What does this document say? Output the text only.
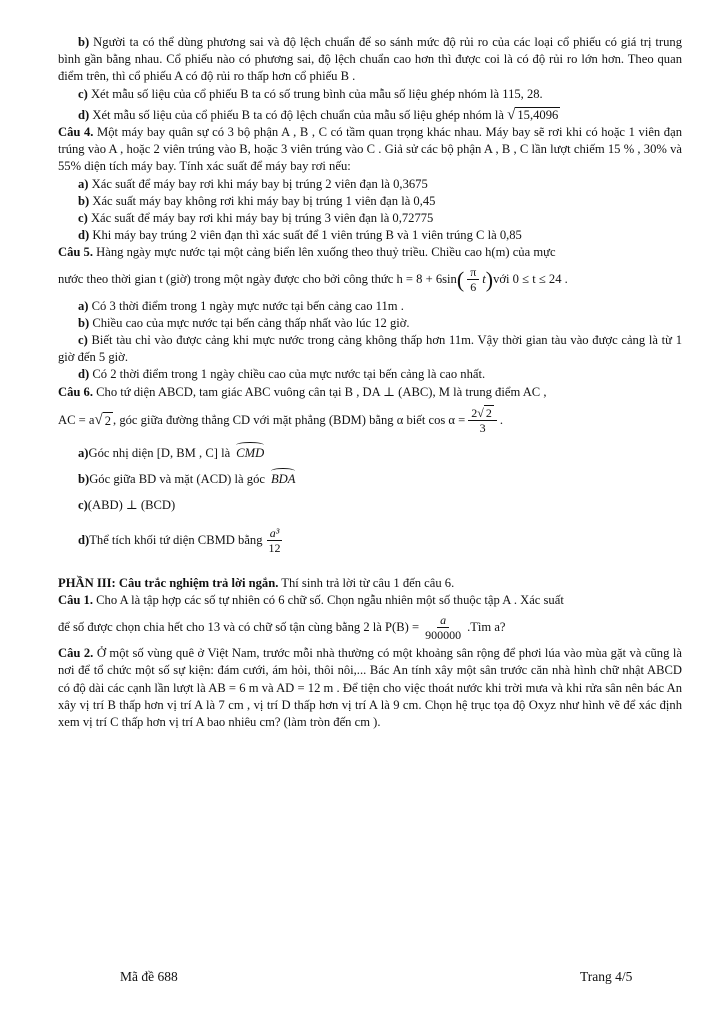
b) Người ta có thể dùng phương sai và độ lệch chuẩn để so sánh mức độ rủi ro của các loại cổ phiếu có giá trị trung bình gần bằng nhau. Cổ phiếu nào có phương sai, độ lệch chuẩn cao hơn thì được coi là có độ rủi ro lớn hơn. Theo quan điểm trên, thì cổ phiếu A có độ rủi ro thấp hơn cổ phiếu B .

c) Xét mẫu số liệu của cổ phiếu B ta có số trung bình của mẫu số liệu ghép nhóm là 115, 28.

d) Xét mẫu số liệu của cổ phiếu B ta có độ lệch chuẩn của mẫu số liệu ghép nhóm là √ 15,4096

Câu 4. Một máy bay quân sự có 3 bộ phận A , B , C có tầm quan trọng khác nhau. Máy bay sẽ rơi khi có hoặc 1 viên đạn trúng vào A , hoặc 2 viên trúng vào B, hoặc 3 viên trúng vào C . Giả sử các bộ phận A , B , C lần lượt chiếm 15 % , 30% và 55% diện tích máy bay. Tính xác suất để máy bay rơi nếu:

a) Xác suất để máy bay rơi khi máy bay bị trúng 2 viên đạn là 0,3675

b) Xác suất máy bay không rơi khi máy bay bị trúng 1 viên đạn là 0,45

c) Xác suất để máy bay rơi khi máy bay bị trúng 3 viên đạn là 0,72775

d) Khi máy bay trúng 2 viên đạn thì xác suất để 1 viên trúng B và 1 viên trúng C là 0,85

Câu 5. Hàng ngày mực nước tại một cảng biển lên xuống theo thuỷ triều. Chiều cao h(m) của mực

nước theo thời gian t (giờ) trong một ngày được cho bởi công thức h = 8 + 6sin ( $\frac{\pi}{6}$ t ) với 0 ≤ t ≤ 24 .

a) Có 3 thời điểm trong 1 ngày mực nước tại bến cảng cao 11m .

b) Chiều cao của mực nước tại bến cảng thấp nhất vào lúc 12 giờ.

c) Biết tàu chỉ vào được cảng khi mực nước trong cảng không thấp hơn 11m. Vậy thời gian tàu vào được cảng là từ 1 giờ đến 5 giờ.

d) Có 2 thời điểm trong 1 ngày chiều cao của mực nước tại bến cảng là cao nhất.

Câu 6. Cho tứ diện ABCD, tam giác ABC vuông cân tại B , DA ⊥ (ABC), M là trung điểm AC ,

AC = a √ 2 , góc giữa đường thẳng CD với mặt phẳng (BDM) bằng α biết $\cos \alpha = \frac{2√ 2}{3}$ .
a) Góc nhị diện [D, BM , C] là CMD
b) Góc giữa BD và mặt (ACD) là góc BDA
c) (ABD) ⊥ (BCD)
d) Thể tích khối tứ diện CBMD bằng $\frac{\text{a³}}{12}$

PHẦN III: Câu trắc nghiệm trả lời ngắn. Thí sinh trả lời từ câu 1 đến câu 6.

Câu 1. Cho A là tập hợp các số tự nhiên có 6 chữ số. Chọn ngẫu nhiên một số thuộc tập A . Xác suất

để số được chọn chia hết cho 13 và có chữ số tận cùng bằng 2 là $P(B) = \frac{a}{900000}$ .Tìm a?

Câu 2. Ở một số vùng quê ở Việt Nam, trước mỗi nhà thường có một khoảng sân rộng để phơi lúa vào mùa gặt và cũng là nơi để tổ chức một số sự kiện: đám cưới, ám hỏi, thôi nôi,... Bác An tính xây một sân trước căn nhà hình chữ nhật ABCD có độ dài các cạnh lần lượt là AB = 6 m và AD = 12 m . Để tiện cho việc thoát nước khi trời mưa và khi rửa sân nên bác An xây vị trí B thấp hơn vị trí A là 7 cm , vị trí D thấp hơn vị trí A là 9 cm. Chọn hệ trục tọa độ Oxyz như hình vẽ để xác định xem vị trí C thấp hơn vị trí A bao nhiêu cm? (làm tròn đến cm ).

Mã đề 688	Trang 4/5
